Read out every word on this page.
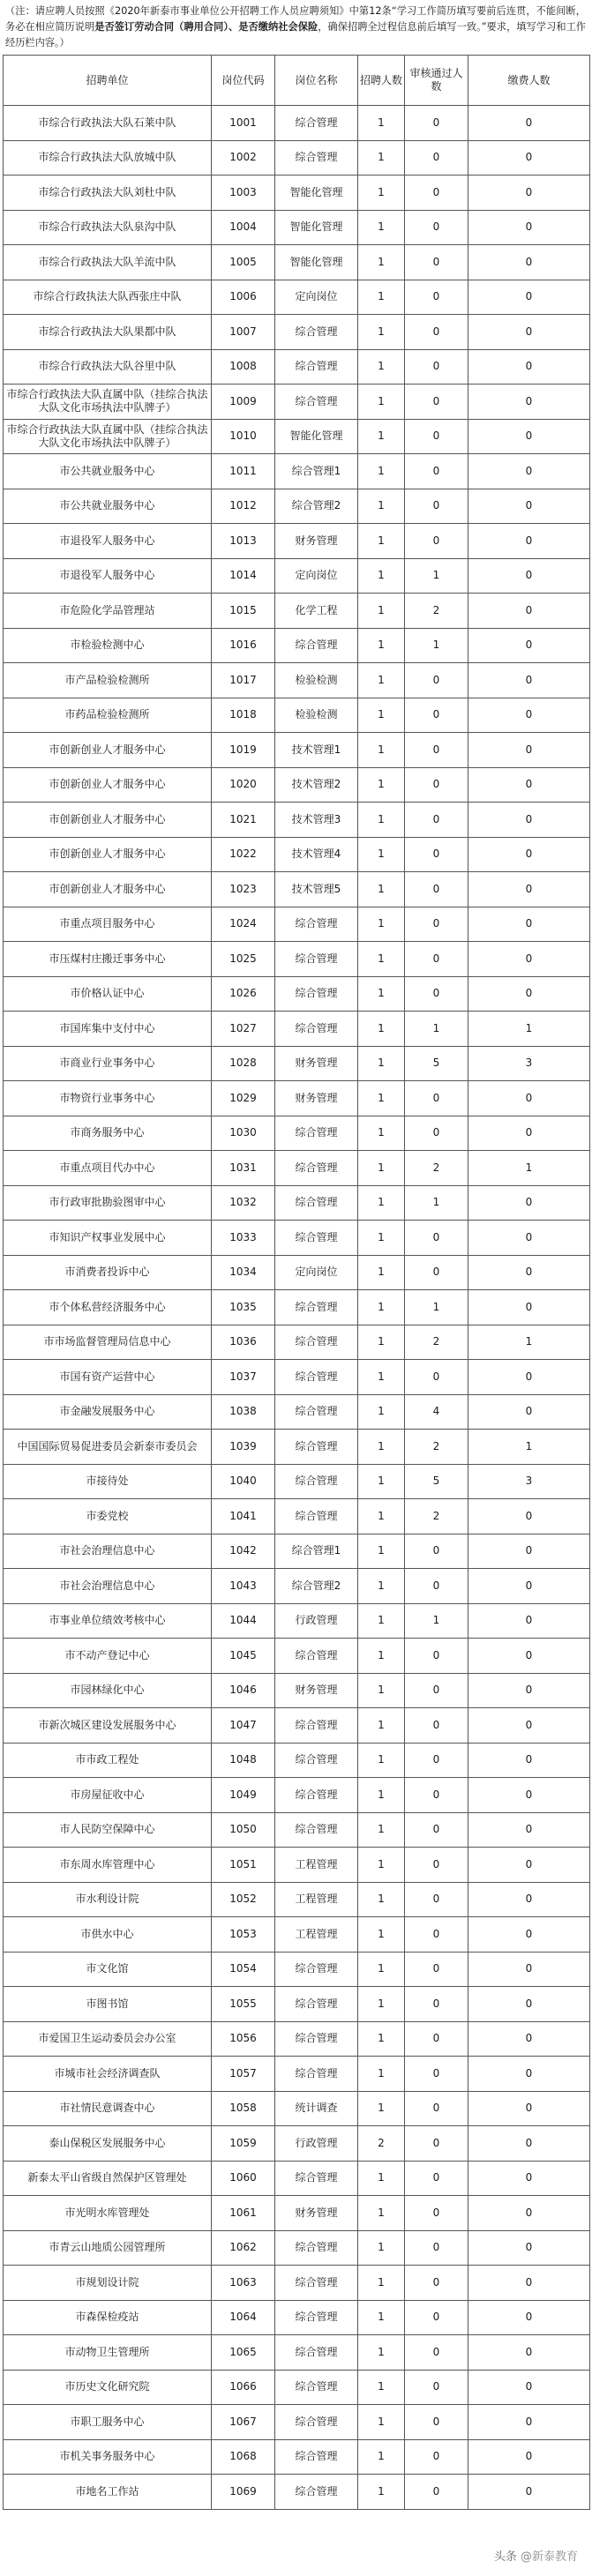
（注：请应聘人员按照《2020年新泰市事业单位公开招聘工作人员应聘须知》中第12条“学习工作简历填写要前后连贯，不能间断，务必在相应简历说明是否签订劳动合同（聘用合同）、是否缴纳社会保险，确保招聘全过程信息前后填写一致。”要求，填写学习和工作经历栏内容。）
招聘单位	岗位代码	岗位名称	招聘人数	审核通过人数	缴费人数
市综合行政执法大队石莱中队	1001	综合管理	1	0	0
市综合行政执法大队放城中队	1002	综合管理	1	0	0
市综合行政执法大队刘杜中队	1003	智能化管理	1	0	0
市综合行政执法大队泉沟中队	1004	智能化管理	1	0	0
市综合行政执法大队羊流中队	1005	智能化管理	1	0	0
市综合行政执法大队西张庄中队	1006	定向岗位	1	0	0
市综合行政执法大队果都中队	1007	综合管理	1	0	0
市综合行政执法大队谷里中队	1008	综合管理	1	0	0
市综合行政执法大队直属中队（挂综合执法大队文化市场执法中队牌子）	1009	综合管理	1	0	0
市综合行政执法大队直属中队（挂综合执法大队文化市场执法中队牌子）	1010	智能化管理	1	0	0
市公共就业服务中心	1011	综合管理1	1	0	0
市公共就业服务中心	1012	综合管理2	1	0	0
市退役军人服务中心	1013	财务管理	1	0	0
市退役军人服务中心	1014	定向岗位	1	1	0
市危险化学品管理站	1015	化学工程	1	2	0
市检验检测中心	1016	综合管理	1	1	0
市产品检验检测所	1017	检验检测	1	0	0
市药品检验检测所	1018	检验检测	1	0	0
市创新创业人才服务中心	1019	技术管理1	1	0	0
市创新创业人才服务中心	1020	技术管理2	1	0	0
市创新创业人才服务中心	1021	技术管理3	1	0	0
市创新创业人才服务中心	1022	技术管理4	1	0	0
市创新创业人才服务中心	1023	技术管理5	1	0	0
市重点项目服务中心	1024	综合管理	1	0	0
市压煤村庄搬迁事务中心	1025	综合管理	1	0	0
市价格认证中心	1026	综合管理	1	0	0
市国库集中支付中心	1027	综合管理	1	1	1
市商业行业事务中心	1028	财务管理	1	5	3
市物资行业事务中心	1029	财务管理	1	0	0
市商务服务中心	1030	综合管理	1	0	0
市重点项目代办中心	1031	综合管理	1	2	1
市行政审批勘验图审中心	1032	综合管理	1	1	0
市知识产权事业发展中心	1033	综合管理	1	0	0
市消费者投诉中心	1034	定向岗位	1	0	0
市个体私营经济服务中心	1035	综合管理	1	1	0
市市场监督管理局信息中心	1036	综合管理	1	2	1
市国有资产运营中心	1037	综合管理	1	0	0
市金融发展服务中心	1038	综合管理	1	4	0
中国国际贸易促进委员会新泰市委员会	1039	综合管理	1	2	1
市接待处	1040	综合管理	1	5	3
市委党校	1041	综合管理	1	2	0
市社会治理信息中心	1042	综合管理1	1	0	0
市社会治理信息中心	1043	综合管理2	1	0	0
市事业单位绩效考核中心	1044	行政管理	1	1	0
市不动产登记中心	1045	综合管理	1	0	0
市园林绿化中心	1046	财务管理	1	0	0
市新次城区建设发展服务中心	1047	综合管理	1	0	0
市市政工程处	1048	综合管理	1	0	0
市房屋征收中心	1049	综合管理	1	0	0
市人民防空保障中心	1050	综合管理	1	0	0
市东周水库管理中心	1051	工程管理	1	0	0
市水利设计院	1052	工程管理	1	0	0
市供水中心	1053	工程管理	1	0	0
市文化馆	1054	综合管理	1	0	0
市图书馆	1055	综合管理	1	0	0
市爱国卫生运动委员会办公室	1056	综合管理	1	0	0
市城市社会经济调查队	1057	综合管理	1	0	0
市社情民意调查中心	1058	统计调查	1	0	0
泰山保税区发展服务中心	1059	行政管理	2	0	0
新泰太平山省级自然保护区管理处	1060	综合管理	1	0	0
市光明水库管理处	1061	财务管理	1	0	0
市青云山地质公园管理所	1062	综合管理	1	0	0
市规划设计院	1063	综合管理	1	0	0
市森保检疫站	1064	综合管理	1	0	0
市动物卫生管理所	1065	综合管理	1	0	0
市历史文化研究院	1066	综合管理	1	0	0
市职工服务中心	1067	综合管理	1	0	0
市机关事务服务中心	1068	综合管理	1	0	0
市地名工作站	1069	综合管理	1	0	0
头条 @新泰教育
